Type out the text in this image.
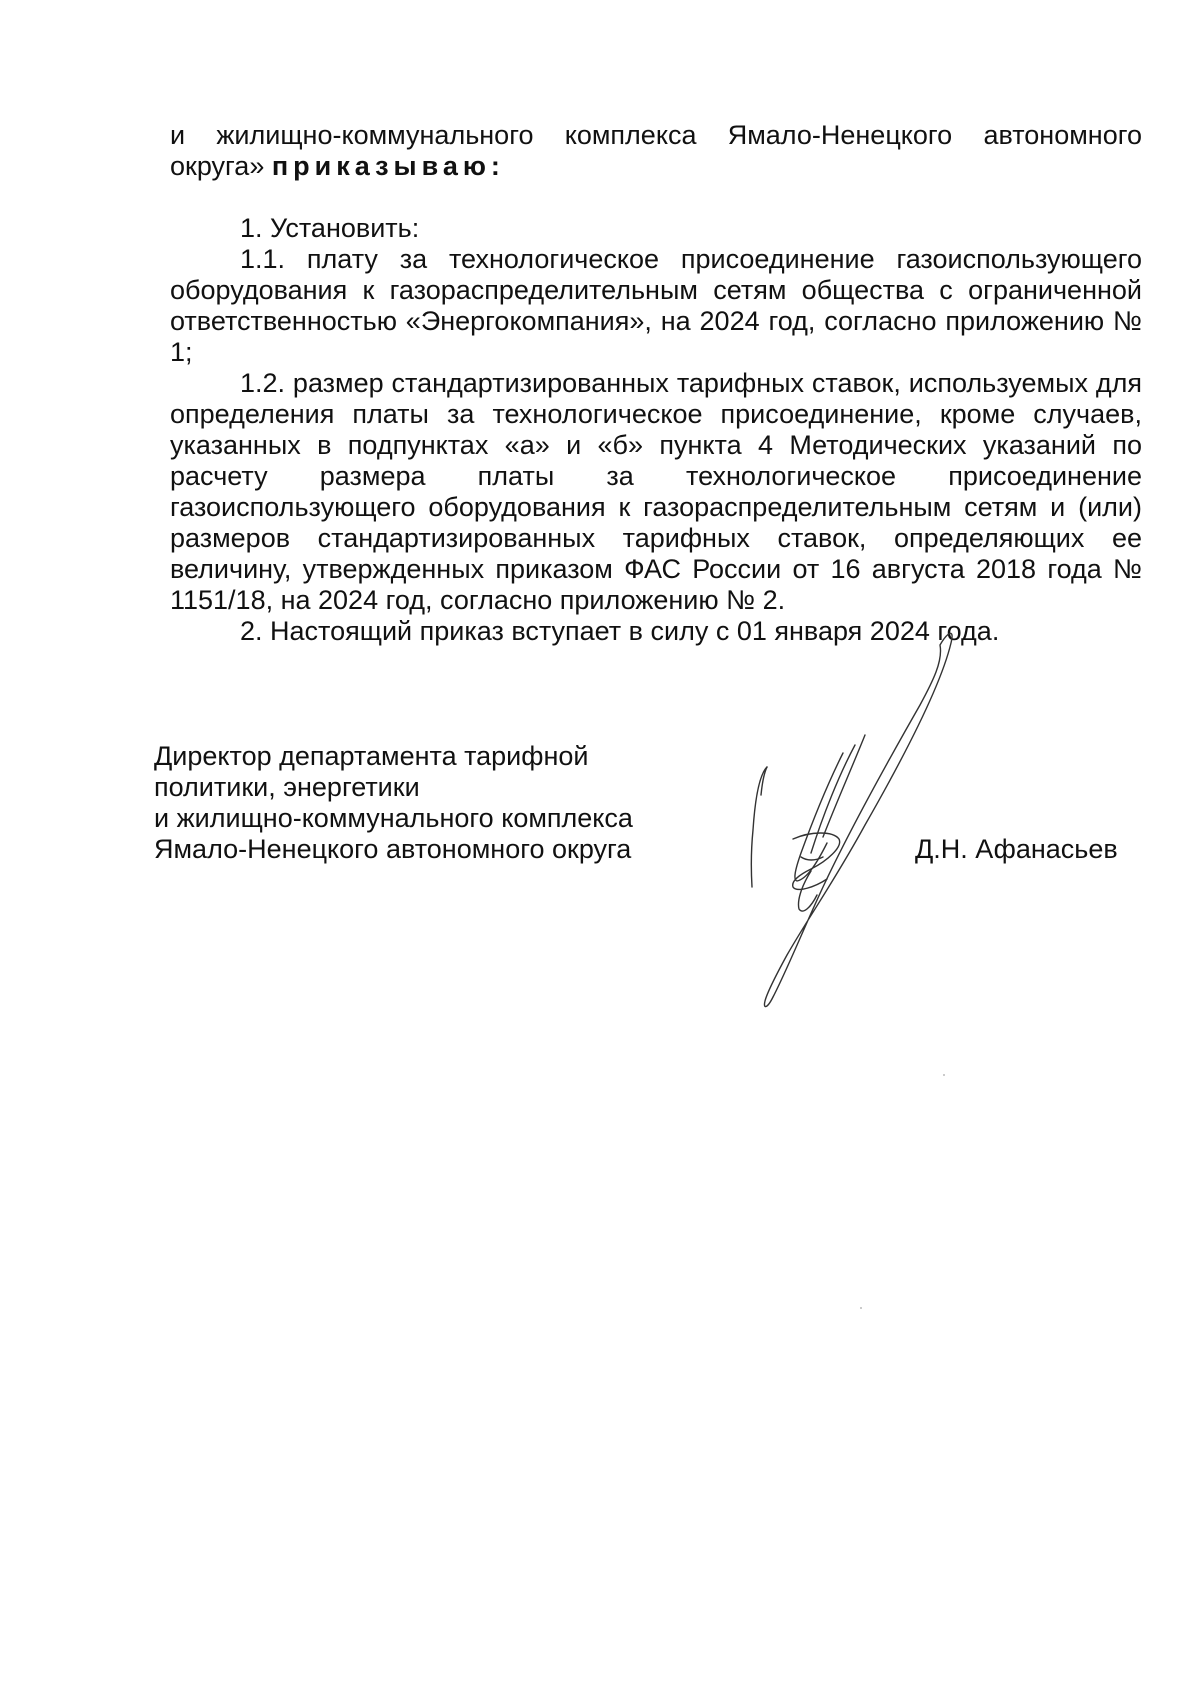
и жилищно-коммунального комплекса Ямало-Ненецкого автономного округа» приказываю:

1. Установить:

1.1. плату за технологическое присоединение газоиспользующего оборудования к газораспределительным сетям общества с ограниченной ответственностью «Энергокомпания», на 2024 год, согласно приложению № 1;

1.2. размер стандартизированных тарифных ставок, используемых для определения платы за технологическое присоединение, кроме случаев, указанных в подпунктах «а» и «б» пункта 4 Методических указаний по расчету размера платы за технологическое присоединение газоиспользующего оборудования к газораспределительным сетям и (или) размеров стандартизированных тарифных ставок, определяющих ее величину, утвержденных приказом ФАС России от 16 августа 2018 года № 1151/18, на 2024 год, согласно приложению № 2.

2. Настоящий приказ вступает в силу с 01 января 2024 года.

Директор департамента тарифной
политики, энергетики
и жилищно-коммунального комплекса
Ямало-Ненецкого автономного округа	Д.Н. Афанасьев
